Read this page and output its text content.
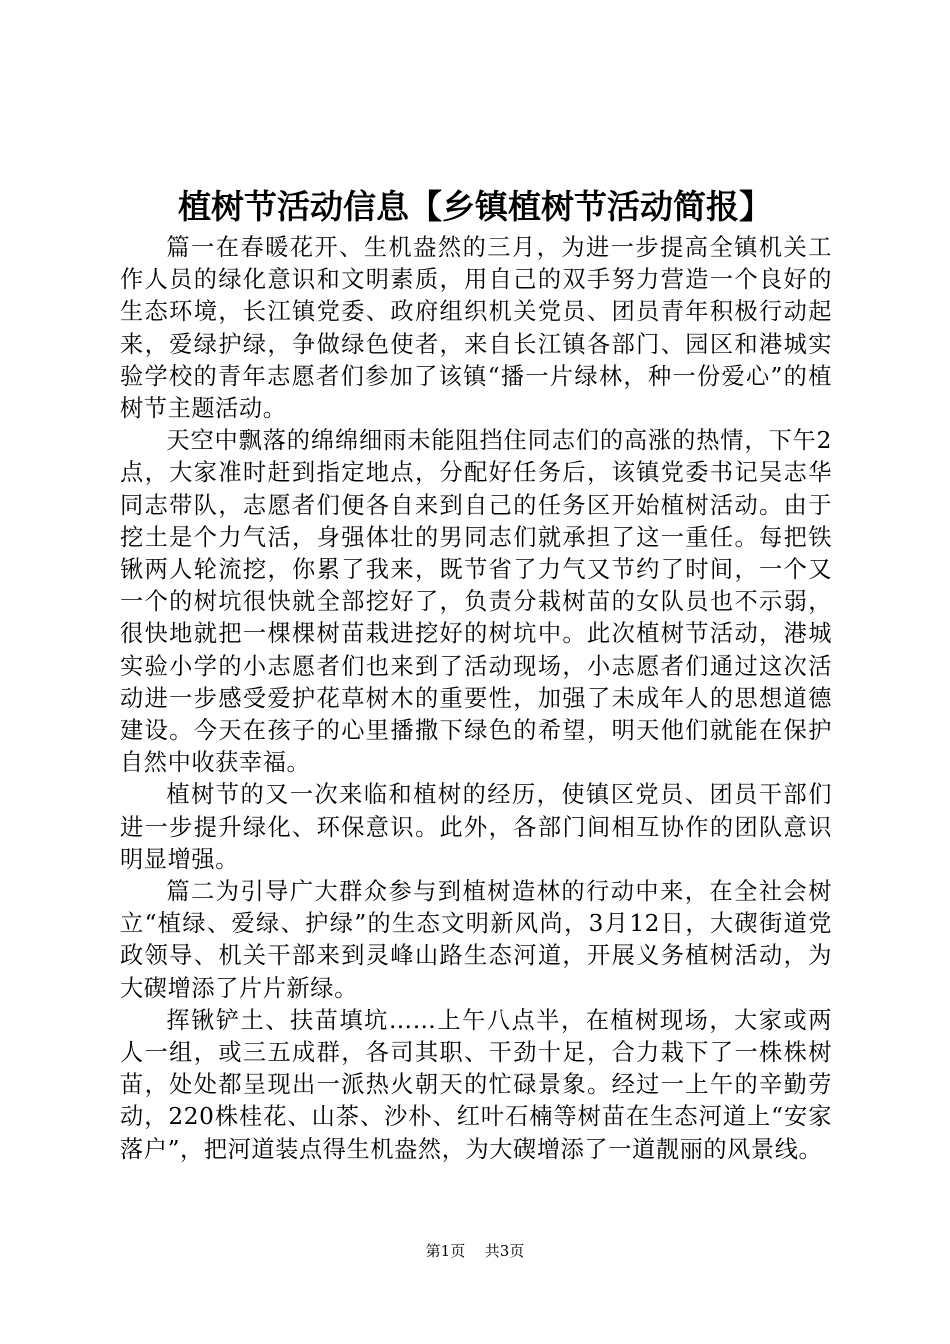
植树节活动信息【乡镇植树节活动简报】

篇一在春暖花开、生机盎然的三月，为进一步提高全镇机关工作人员的绿化意识和文明素质，用自己的双手努力营造一个良好的生态环境，长江镇党委、政府组织机关党员、团员青年积极行动起来，爱绿护绿，争做绿色使者，来自长江镇各部门、园区和港城实验学校的青年志愿者们参加了该镇“播一片绿林，种一份爱心”的植树节主题活动。

天空中飘落的绵绵细雨未能阻挡住同志们的高涨的热情，下午2点，大家准时赶到指定地点，分配好任务后，该镇党委书记吴志华同志带队，志愿者们便各自来到自己的任务区开始植树活动。由于挖土是个力气活，身强体壮的男同志们就承担了这一重任。每把铁锹两人轮流挖，你累了我来，既节省了力气又节约了时间，一个又一个的树坑很快就全部挖好了，负责分栽树苗的女队员也不示弱，很快地就把一棵棵树苗栽进挖好的树坑中。此次植树节活动，港城实验小学的小志愿者们也来到了活动现场，小志愿者们通过这次活动进一步感受爱护花草树木的重要性，加强了未成年人的思想道德建设。今天在孩子的心里播撒下绿色的希望，明天他们就能在保护自然中收获幸福。

植树节的又一次来临和植树的经历，使镇区党员、团员干部们进一步提升绿化、环保意识。此外，各部门间相互协作的团队意识明显增强。

篇二为引导广大群众参与到植树造林的行动中来，在全社会树立“植绿、爱绿、护绿”的生态文明新风尚，3月12日，大碶街道党政领导、机关干部来到灵峰山路生态河道，开展义务植树活动，为大碶增添了片片新绿。

挥锹铲土、扶苗填坑……上午八点半，在植树现场，大家或两人一组，或三五成群，各司其职、干劲十足，合力栽下了一株株树苗，处处都呈现出一派热火朝天的忙碌景象。经过一上午的辛勤劳动，220株桂花、山茶、沙朴、红叶石楠等树苗在生态河道上“安家落户”，把河道装点得生机盎然，为大碶增添了一道靓丽的风景线。

第1页 共3页
